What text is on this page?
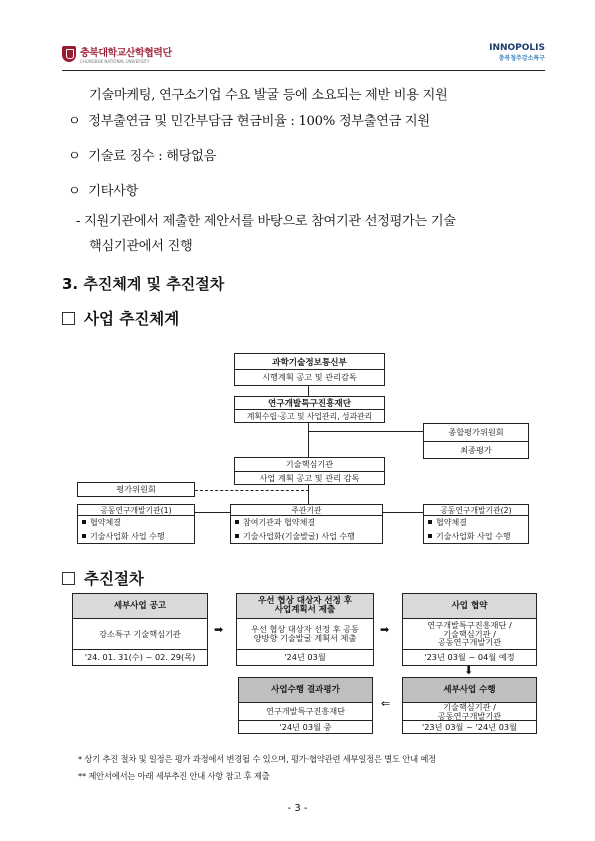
충북대학교산학협력단
CHUNGBUK NATIONAL UNIVERSITY
INNOPOLIS
충북청주강소특구
기술마케팅, 연구소기업 수요 발굴 등에 소요되는 제반 비용 지원
ㅇ 정부출연금 및 민간부담금 현금비율 : 100% 정부출연금 지원
ㅇ 기술료 징수 : 해당없음
ㅇ 기타사항
- 지원기관에서 제출한 제안서를 바탕으로 참여기관 선정평가는 기술
핵심기관에서 진행
3. 추진체계 및 추진절차
사업 추진체계
과학기술정보통신부
시행계획 공고 및 관리감독
연구개발특구진흥재단
계획수립·공고 및 사업관리, 성과관리
종합평가위원회
최종평가
기술핵심기관
사업 계획 공고 및 관리 감독
평가위원회
공동연구개발기관(1)
협약체결
기술사업화 사업 수행
주관기관
참여기관과 협약체결
기술사업화(기술발굴) 사업 수행
공동연구개발기관(2)
협약체결
기술사업화 사업 수행
추진절차
세부사업 공고
강소특구 기술핵심기관
'24. 01. 31(수) ~ 02. 29(목)
➡
우선 협상 대상자 선정 후
사업계획서 제출
우선 협상 대상자 선정 후 공동
양방향 기술발굴 계획서 제출
'24년 03월
➡
사업 협약
연구개발특구진흥재단 /
기술핵심기관 /
공동연구개발기관
'23년 03월 ~ 04월 예정
⬇
세부사업 수행
기술핵심기관 /
공동연구개발기관
'23년 03월 ~ '24년 03월
⇐
사업수행 결과평가
연구개발특구진흥재단
'24년 03월 중
* 상기 추진 절차 및 일정은 평가 과정에서 변경될 수 있으며, 평가·협약관련 세부일정은 별도 안내 예정
** 제안서에서는 아래 세부추진 안내 사항 참고 후 제출
- 3 -
